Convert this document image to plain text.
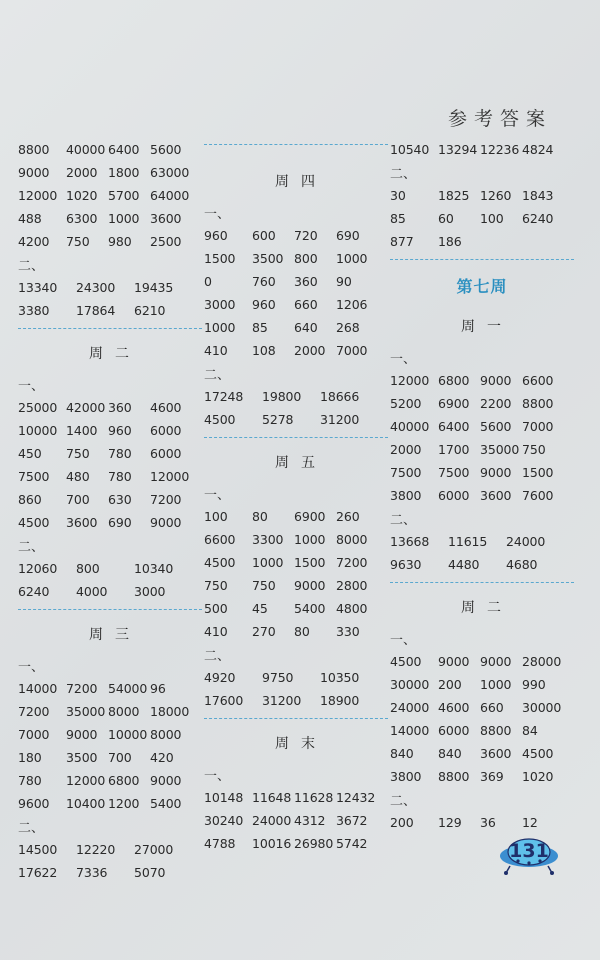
参考答案
8800	40000 6400 5600
9000	2000 1800 63000
12000 1020 5700 64000
488	6300 1000 3600
4200	750	980	2500
二、
13340	24300	19435
3380	17864	6210
周二
一、
25000 42000 360	4600
10000 1400 960	6000
450	750	780	6000
7500	480	780	12000
860	700	630	7200
4500	3600 690	9000
二、
12060	800	10340
6240	4000	3000
周三
一、
14000 7200 54000 96
7200	35000 8000 18000
7000	9000 10000 8000
180	3500 700	420
780	12000 6800 9000
9600	10400 1200 5400
二、
14500	12220	27000
17622	7336	5070
周四
一、
960	600	720	690
1500	3500 800	1000
0	760	360	90
3000	960	660	1206
1000	85	640	268
410	108	2000 7000
二、
17248	19800	18666
4500	5278	31200
周五
一、
100	80	6900 260
6600	3300 1000 8000
4500	1000 1500 7200
750	750	9000 2800
500	45	5400 4800
410	270	80	330
二、
4920	9750	10350
17600	31200	18900
周末
一、
10148 11648 11628 12432
30240 24000 4312 3672
4788	10016 26980 5742
10540 13294 12236 4824
二、
30	1825 1260 1843
85	60	100	6240
877	186
第七周
周一
一、
12000 6800 9000 6600
5200	6900 2200 8800
40000 6400 5600 7000
2000	1700 35000 750
7500	7500 9000 1500
3800	6000 3600 7600
二、
13668	11615	24000
9630	4480	4680
周二
一、
4500	9000 9000 28000
30000 200	1000 990
24000 4600 660	30000
14000 6000 8800 84
840	840	3600 4500
3800	8800 369	1020
二、
200	129	36	12
131
